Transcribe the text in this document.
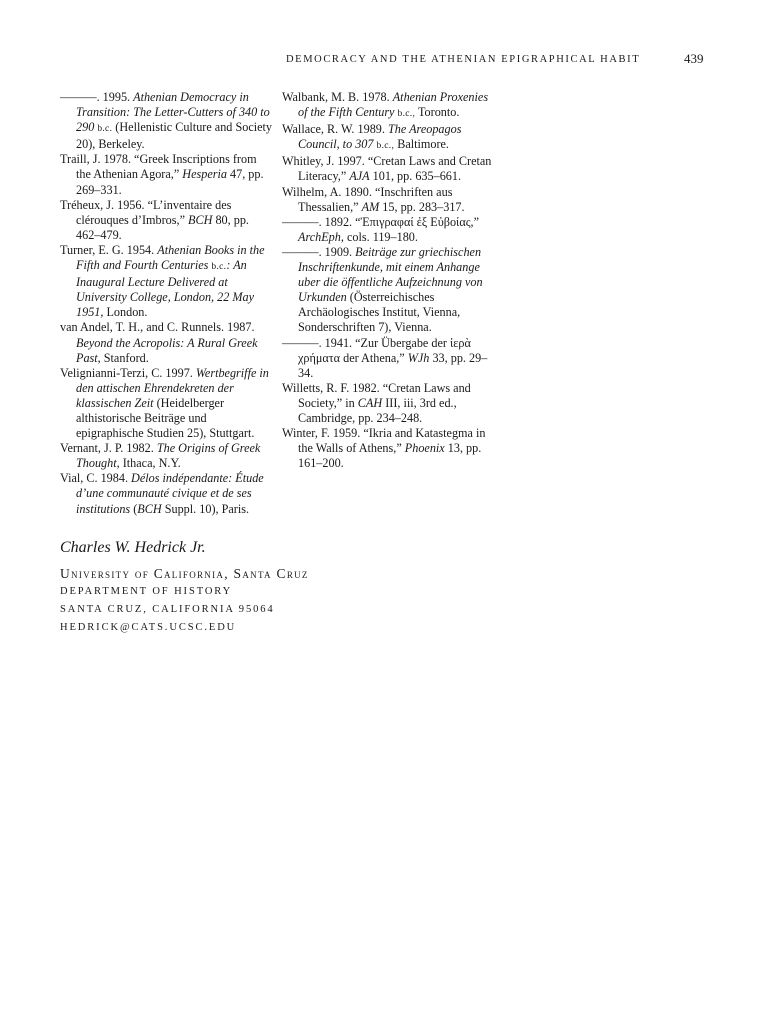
DEMOCRACY AND THE ATHENIAN EPIGRAPHICAL HABIT	439

———. 1995. Athenian Democracy in Transition: The Letter-Cutters of 340 to 290 b.c. (Hellenistic Culture and Society 20), Berkeley.

Traill, J. 1978. “Greek Inscriptions from the Athenian Agora,” Hesperia 47, pp. 269–331.

Tréheux, J. 1956. “L’inventaire des clérouques d’Imbros,” BCH 80, pp. 462–479.

Turner, E. G. 1954. Athenian Books in the Fifth and Fourth Centuries b.c.: An Inaugural Lecture Delivered at University College, London, 22 May 1951, London.

van Andel, T. H., and C. Runnels. 1987. Beyond the Acropolis: A Rural Greek Past, Stanford.

Velignianni-Terzi, C. 1997. Wertbegriffe in den attischen Ehrendekreten der klassischen Zeit (Heidelberger althistorische Beiträge und epigraphische Studien 25), Stuttgart.

Vernant, J. P. 1982. The Origins of Greek Thought, Ithaca, N.Y.

Vial, C. 1984. Délos indépendante: Étude d’une communauté civique et de ses institutions (BCH Suppl. 10), Paris.

Walbank, M. B. 1978. Athenian Proxenies of the Fifth Century b.c., Toronto.

Wallace, R. W. 1989. The Areopagos Council, to 307 b.c., Baltimore.

Whitley, J. 1997. “Cretan Laws and Cretan Literacy,” AJA 101, pp. 635–661.

Wilhelm, A. 1890. “Inschriften aus Thessalien,” AM 15, pp. 283–317.

———. 1892. “Ἐπιγραφαί ἐξ Εὐβοίας,” ArchEph, cols. 119–180.

———. 1909. Beiträge zur griechischen Inschriftenkunde, mit einem Anhange uber die öffentliche Aufzeichnung von Urkunden (Österreichisches Archäologisches Institut, Vienna, Sonderschriften 7), Vienna.

———. 1941. “Zur Übergabe der ἱερὰ χρήματα der Athena,” WJh 33, pp. 29–34.

Willetts, R. F. 1982. “Cretan Laws and Society,” in CAH III, iii, 3rd ed., Cambridge, pp. 234–248.

Winter, F. 1959. “Ikria and Katastegma in the Walls of Athens,” Phoenix 13, pp. 161–200.

Charles W. Hedrick Jr.
University of California, Santa Cruz
DEPARTMENT OF HISTORY
SANTA CRUZ, CALIFORNIA 95064
HEDRICK@CATS.UCSC.EDU
